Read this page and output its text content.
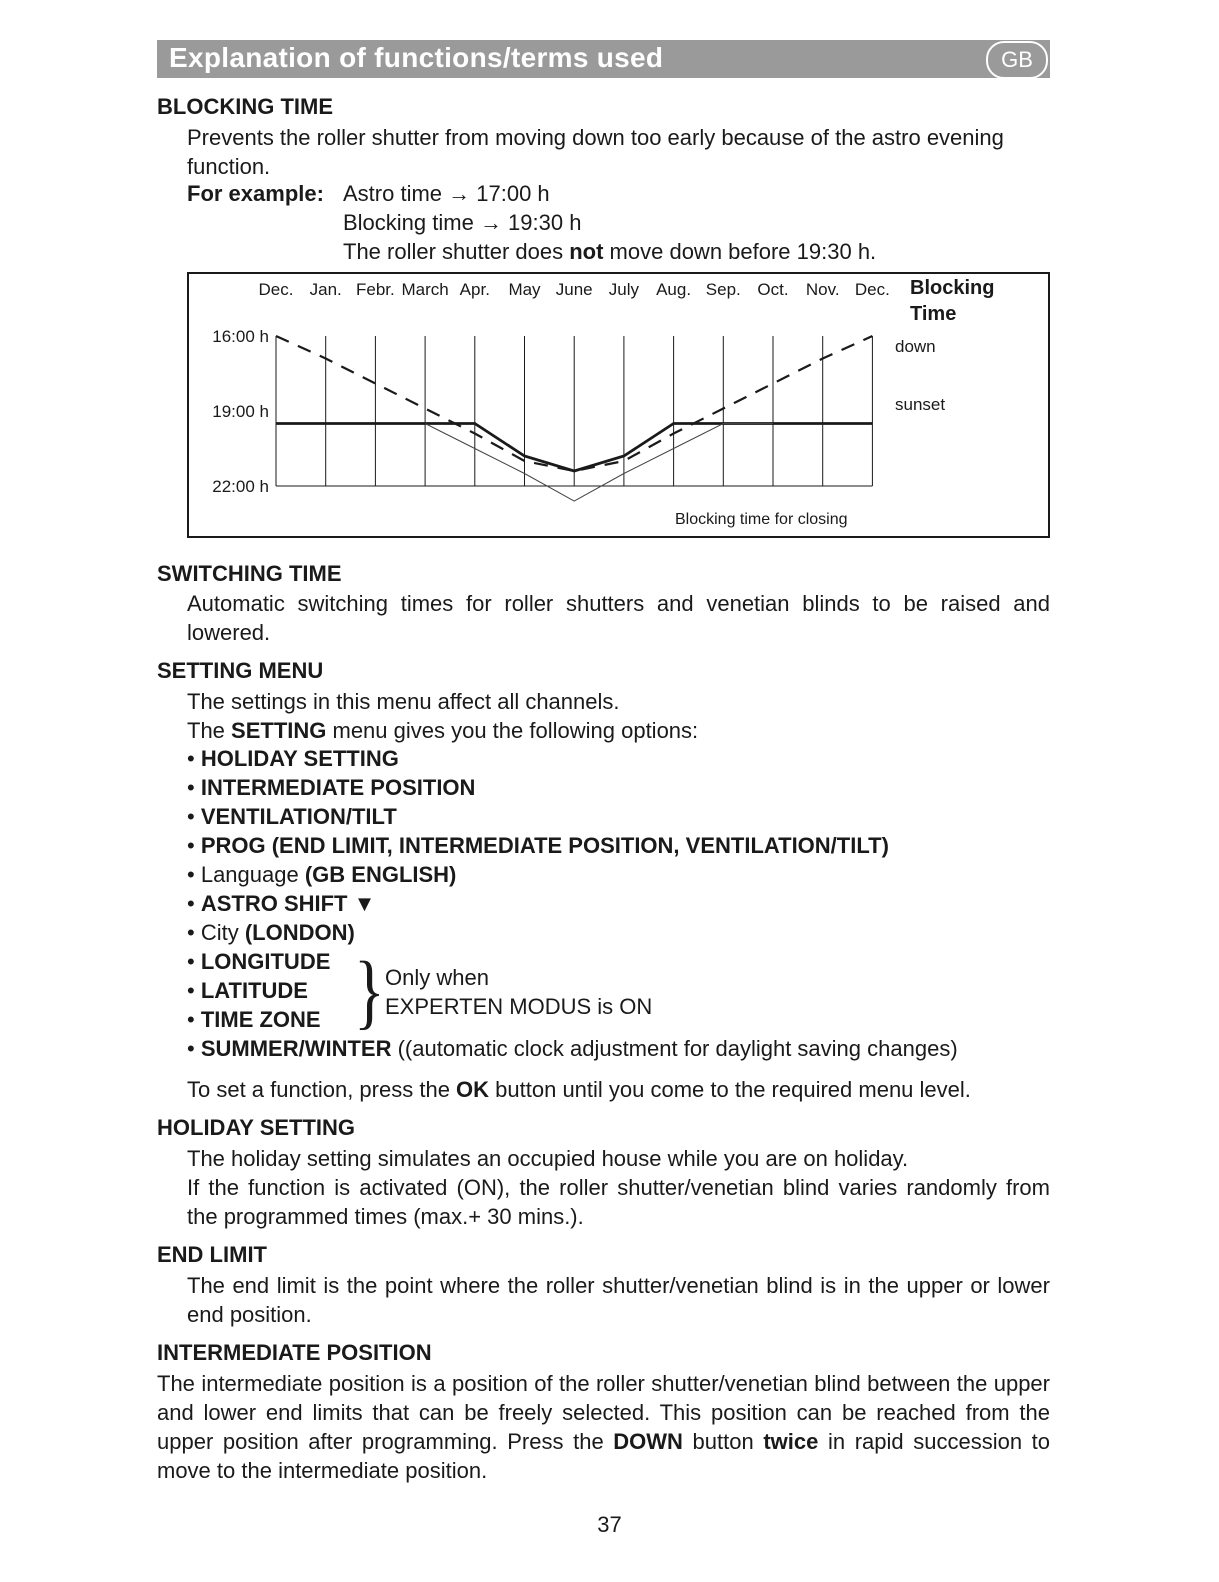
Explanation of functions/terms used	GB
BLOCKING TIME
Prevents the roller shutter from moving down too early because of the astro evening function.
For example: Astro time → 17:00 h
Blocking time → 19:30 h
The roller shutter does not move down before 19:30 h.
Dec. Jan. Febr. March Apr. May June July Aug. Sep. Oct. Nov. Dec.
16:00 h
19:00 h
22:00 h
Blocking
Time
down
sunset
Blocking time for closing
SWITCHING TIME
Automatic switching times for roller shutters and venetian blinds to be raised and lowered.
SETTING MENU
The settings in this menu affect all channels.
The SETTING menu gives you the following options:
• HOLIDAY SETTING
• INTERMEDIATE POSITION
• VENTILATION/TILT
• PROG (END LIMIT, INTERMEDIATE POSITION, VENTILATION/TILT)
• Language (GB ENGLISH)
• ASTRO SHIFT ▼
• City (LONDON)
• LONGITUDE
• LATITUDE
• TIME ZONE
• SUMMER/WINTER ((automatic clock adjustment for daylight saving changes)
} Only when
EXPERTEN MODUS is ON
To set a function, press the OK button until you come to the required menu level.
HOLIDAY SETTING
The holiday setting simulates an occupied house while you are on holiday.
If the function is activated (ON), the roller shutter/venetian blind varies randomly from the programmed times (max.+ 30 mins.).
END LIMIT
The end limit is the point where the roller shutter/venetian blind is in the upper or lower end position.
INTERMEDIATE POSITION
The intermediate position is a position of the roller shutter/venetian blind between the upper and lower end limits that can be freely selected. This position can be reached from the upper position after programming. Press the DOWN button twice in rapid succession to move to the intermediate position.
37
